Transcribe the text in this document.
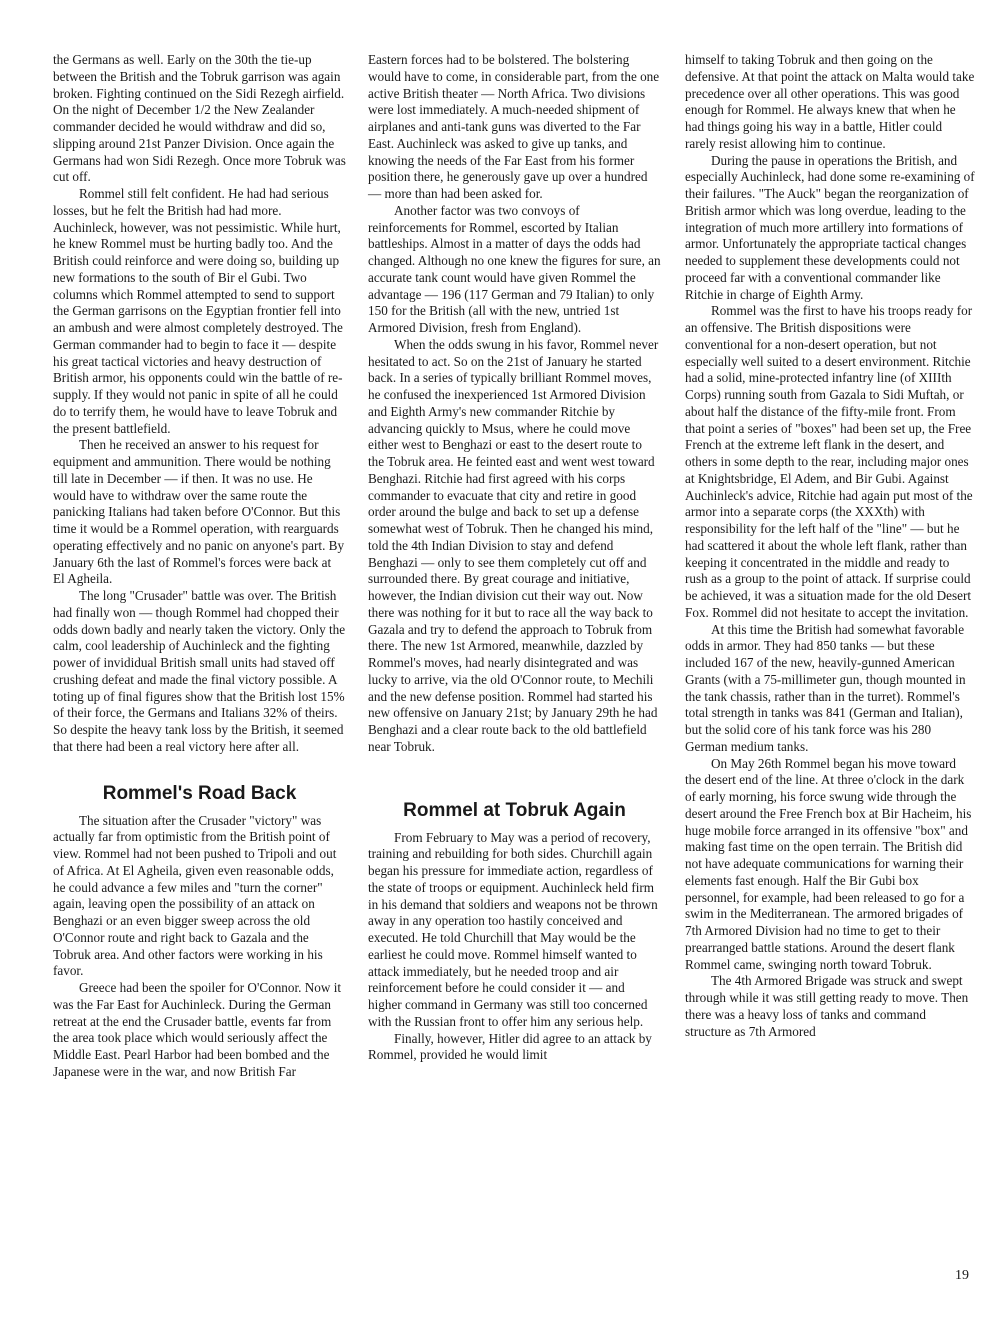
the Germans as well. Early on the 30th the tie-up between the British and the Tobruk garrison was again broken. Fighting continued on the Sidi Rezegh airfield. On the night of December 1/2 the New Zealander commander decided he would withdraw and did so, slipping around 21st Panzer Division. Once again the Germans had won Sidi Rezegh. Once more Tobruk was cut off.

Rommel still felt confident. He had had serious losses, but he felt the British had had more. Auchinleck, however, was not pessimistic. While hurt, he knew Rommel must be hurting badly too. And the British could reinforce and were doing so, building up new formations to the south of Bir el Gubi. Two columns which Rommel attempted to send to support the German garrisons on the Egyptian frontier fell into an ambush and were almost completely destroyed. The German commander had to begin to face it — despite his great tactical victories and heavy destruction of British armor, his opponents could win the battle of re-supply. If they would not panic in spite of all he could do to terrify them, he would have to leave Tobruk and the present battlefield.

Then he received an answer to his request for equipment and ammunition. There would be nothing till late in December — if then. It was no use. He would have to withdraw over the same route the panicking Italians had taken before O'Connor. But this time it would be a Rommel operation, with rearguards operating effectively and no panic on anyone's part. By January 6th the last of Rommel's forces were back at El Agheila.

The long "Crusader" battle was over. The British had finally won — though Rommel had chopped their odds down badly and nearly taken the victory. Only the calm, cool leadership of Auchinleck and the fighting power of invididual British small units had staved off crushing defeat and made the final victory possible. A toting up of final figures show that the British lost 15% of their force, the Germans and Italians 32% of theirs. So despite the heavy tank loss by the British, it seemed that there had been a real victory here after all.

Rommel's Road Back

The situation after the Crusader "victory" was actually far from optimistic from the British point of view. Rommel had not been pushed to Tripoli and out of Africa. At El Agheila, given even reasonable odds, he could advance a few miles and "turn the corner" again, leaving open the possibility of an attack on Benghazi or an even bigger sweep across the old O'Connor route and right back to Gazala and the Tobruk area. And other factors were working in his favor.

Greece had been the spoiler for O'Connor. Now it was the Far East for Auchinleck. During the German retreat at the end the Crusader battle, events far from the area took place which would seriously affect the Middle East. Pearl Harbor had been bombed and the Japanese were in the war, and now British Far

Eastern forces had to be bolstered. The bolstering would have to come, in considerable part, from the one active British theater — North Africa. Two divisions were lost immediately. A much-needed shipment of airplanes and anti-tank guns was diverted to the Far East. Auchinleck was asked to give up tanks, and knowing the needs of the Far East from his former position there, he generously gave up over a hundred — more than had been asked for.

Another factor was two convoys of reinforcements for Rommel, escorted by Italian battleships. Almost in a matter of days the odds had changed. Although no one knew the figures for sure, an accurate tank count would have given Rommel the advantage — 196 (117 German and 79 Italian) to only 150 for the British (all with the new, untried 1st Armored Division, fresh from England).

When the odds swung in his favor, Rommel never hesitated to act. So on the 21st of January he started back. In a series of typically brilliant Rommel moves, he confused the inexperienced 1st Armored Division and Eighth Army's new commander Ritchie by advancing quickly to Msus, where he could move either west to Benghazi or east to the desert route to the Tobruk area. He feinted east and went west toward Benghazi. Ritchie had first agreed with his corps commander to evacuate that city and retire in good order around the bulge and back to set up a defense somewhat west of Tobruk. Then he changed his mind, told the 4th Indian Division to stay and defend Benghazi — only to see them completely cut off and surrounded there. By great courage and initiative, however, the Indian division cut their way out. Now there was nothing for it but to race all the way back to Gazala and try to defend the approach to Tobruk from there. The new 1st Armored, meanwhile, dazzled by Rommel's moves, had nearly disintegrated and was lucky to arrive, via the old O'Connor route, to Mechili and the new defense position. Rommel had started his new offensive on January 21st; by January 29th he had Benghazi and a clear route back to the old battlefield near Tobruk.

Rommel at Tobruk Again

From February to May was a period of recovery, training and rebuilding for both sides. Churchill again began his pressure for immediate action, regardless of the state of troops or equipment. Auchinleck held firm in his demand that soldiers and weapons not be thrown away in any operation too hastily conceived and executed. He told Churchill that May would be the earliest he could move. Rommel himself wanted to attack immediately, but he needed troop and air reinforcement before he could consider it — and higher command in Germany was still too concerned with the Russian front to offer him any serious help.

Finally, however, Hitler did agree to an attack by Rommel, provided he would limit

himself to taking Tobruk and then going on the defensive. At that point the attack on Malta would take precedence over all other operations. This was good enough for Rommel. He always knew that when he had things going his way in a battle, Hitler could rarely resist allowing him to continue.

During the pause in operations the British, and especially Auchinleck, had done some re-examining of their failures. "The Auck" began the reorganization of British armor which was long overdue, leading to the integration of much more artillery into formations of armor. Unfortunately the appropriate tactical changes needed to supplement these developments could not proceed far with a conventional commander like Ritchie in charge of Eighth Army.

Rommel was the first to have his troops ready for an offensive. The British dispositions were conventional for a non-desert operation, but not especially well suited to a desert environment. Ritchie had a solid, mine-protected infantry line (of XIIIth Corps) running south from Gazala to Sidi Muftah, or about half the distance of the fifty-mile front. From that point a series of "boxes" had been set up, the Free French at the extreme left flank in the desert, and others in some depth to the rear, including major ones at Knightsbridge, El Adem, and Bir Gubi. Against Auchinleck's advice, Ritchie had again put most of the armor into a separate corps (the XXXth) with responsibility for the left half of the "line" — but he had scattered it about the whole left flank, rather than keeping it concentrated in the middle and ready to rush as a group to the point of attack. If surprise could be achieved, it was a situation made for the old Desert Fox. Rommel did not hesitate to accept the invitation.

At this time the British had somewhat favorable odds in armor. They had 850 tanks — but these included 167 of the new, heavily-gunned American Grants (with a 75-millimeter gun, though mounted in the tank chassis, rather than in the turret). Rommel's total strength in tanks was 841 (German and Italian), but the solid core of his tank force was his 280 German medium tanks.

On May 26th Rommel began his move toward the desert end of the line. At three o'clock in the dark of early morning, his force swung wide through the desert around the Free French box at Bir Hacheim, his huge mobile force arranged in its offensive "box" and making fast time on the open terrain. The British did not have adequate communications for warning their elements fast enough. Half the Bir Gubi box personnel, for example, had been released to go for a swim in the Mediterranean. The armored brigades of 7th Armored Division had no time to get to their prearranged battle stations. Around the desert flank Rommel came, swinging north toward Tobruk.

The 4th Armored Brigade was struck and swept through while it was still getting ready to move. Then there was a heavy loss of tanks and command structure as 7th Armored

19
